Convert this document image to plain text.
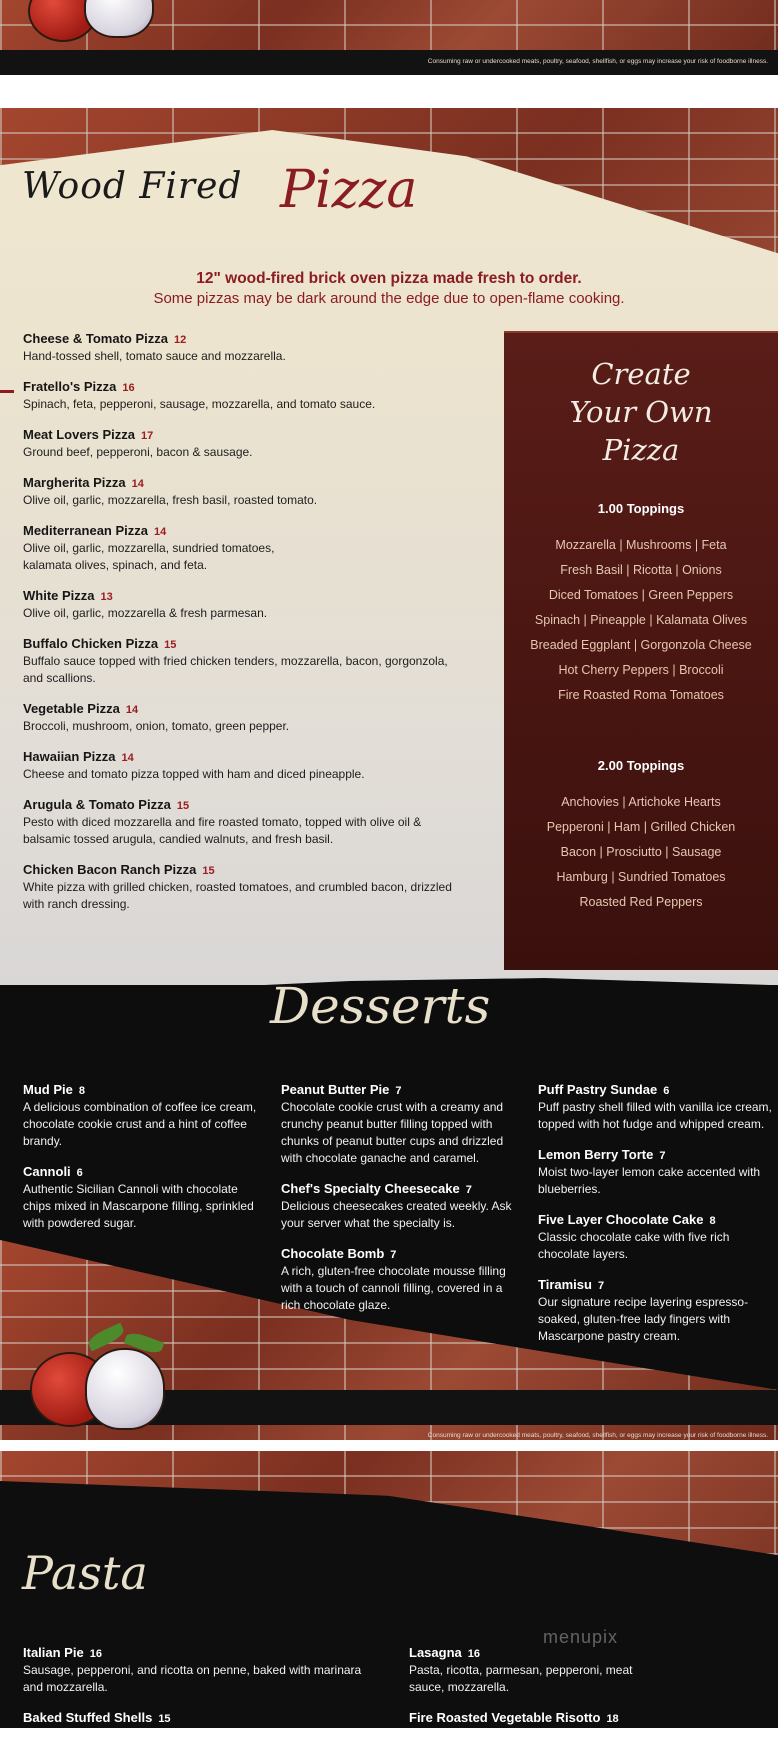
Consuming raw or undercooked meats, poultry, seafood, shellfish, or eggs may increase your risk of foodborne illness.
Wood Fired Pizza
12" wood-fired brick oven pizza made fresh to order.
Some pizzas may be dark around the edge due to open-flame cooking.
Cheese & Tomato Pizza 12
Hand-tossed shell, tomato sauce and mozzarella.
Fratello's Pizza 16
Spinach, feta, pepperoni, sausage, mozzarella, and tomato sauce.
Meat Lovers Pizza 17
Ground beef, pepperoni, bacon & sausage.
Margherita Pizza 14
Olive oil, garlic, mozzarella, fresh basil, roasted tomato.
Mediterranean Pizza 14
Olive oil, garlic, mozzarella, sundried tomatoes, kalamata olives, spinach, and feta.
White Pizza 13
Olive oil, garlic, mozzarella & fresh parmesan.
Buffalo Chicken Pizza 15
Buffalo sauce topped with fried chicken tenders, mozzarella, bacon, gorgonzola, and scallions.
Vegetable Pizza 14
Broccoli, mushroom, onion, tomato, green pepper.
Hawaiian Pizza 14
Cheese and tomato pizza topped with ham and diced pineapple.
Arugula & Tomato Pizza 15
Pesto with diced mozzarella and fire roasted tomato, topped with olive oil & balsamic tossed arugula, candied walnuts, and fresh basil.
Chicken Bacon Ranch Pizza 15
White pizza with grilled chicken, roasted tomatoes, and crumbled bacon, drizzled with ranch dressing.
Create
Your Own
Pizza
1.00 Toppings
Mozzarella | Mushrooms | Feta
Fresh Basil | Ricotta | Onions
Diced Tomatoes | Green Peppers
Spinach | Pineapple | Kalamata Olives
Breaded Eggplant | Gorgonzola Cheese
Hot Cherry Peppers | Broccoli
Fire Roasted Roma Tomatoes
2.00 Toppings
Anchovies | Artichoke Hearts
Pepperoni | Ham | Grilled Chicken
Bacon | Prosciutto | Sausage
Hamburg | Sundried Tomatoes
Roasted Red Peppers
Desserts
Mud Pie 8
A delicious combination of coffee ice cream, chocolate cookie crust and a hint of coffee brandy.
Cannoli 6
Authentic Sicilian Cannoli with chocolate chips mixed in Mascarpone filling, sprinkled with powdered sugar.
Peanut Butter Pie 7
Chocolate cookie crust with a creamy and crunchy peanut butter filling topped with chunks of peanut butter cups and drizzled with chocolate ganache and caramel.
Chef's Specialty Cheesecake 7
Delicious cheesecakes created weekly. Ask your server what the specialty is.
Chocolate Bomb 7
A rich, gluten-free chocolate mousse filling with a touch of cannoli filling, covered in a rich chocolate glaze.
Puff Pastry Sundae 6
Puff pastry shell filled with vanilla ice cream, topped with hot fudge and whipped cream.
Lemon Berry Torte 7
Moist two-layer lemon cake accented with blueberries.
Five Layer Chocolate Cake 8
Classic chocolate cake with five rich chocolate layers.
Tiramisu 7
Our signature recipe layering espresso-soaked, gluten-free lady fingers with Mascarpone pastry cream.
Consuming raw or undercooked meats, poultry, seafood, shellfish, or eggs may increase your risk of foodborne illness.
Pasta
menupix
Italian Pie 16
Sausage, pepperoni, and ricotta on penne, baked with marinara and mozzarella.
Baked Stuffed Shells 15
Lasagna 16
Pasta, ricotta, parmesan, pepperoni, meat sauce, mozzarella.
Fire Roasted Vegetable Risotto 18
